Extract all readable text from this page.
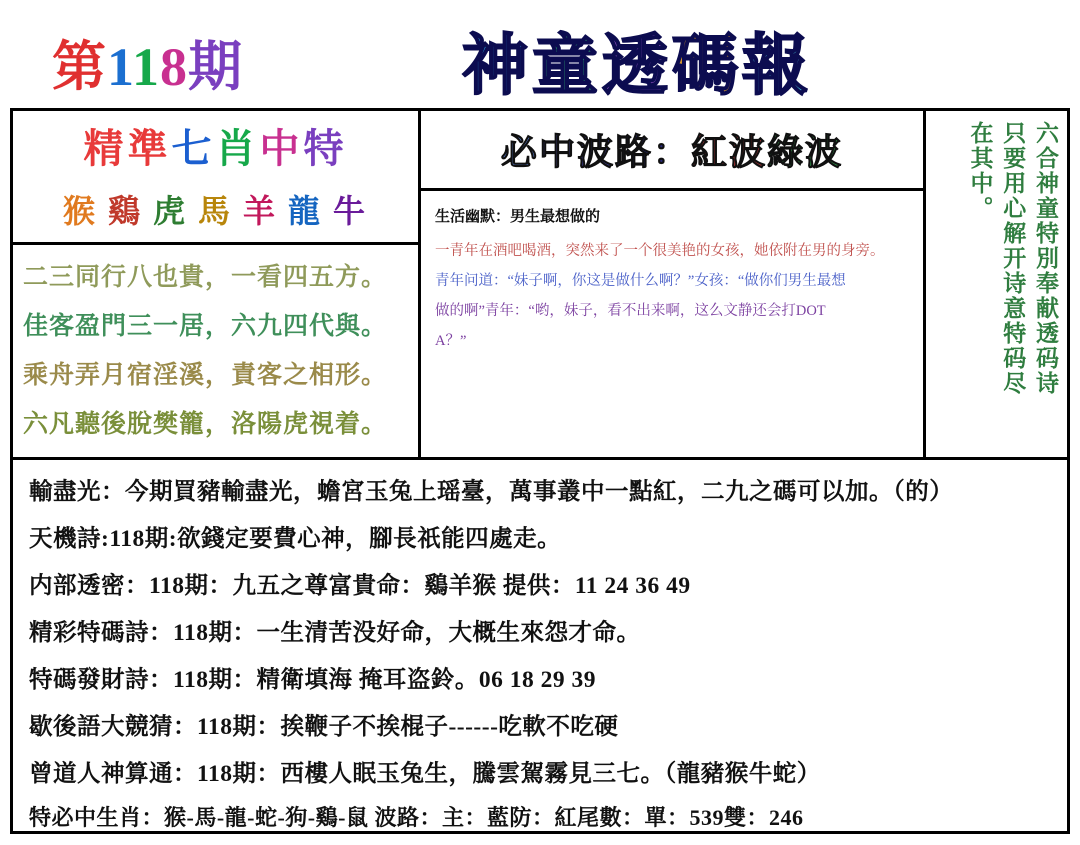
第118期	神童透碼報
精準七肖中特
猴 鷄 虎 馬 羊 龍 牛
二三同行八也貴，一看四五方。
佳客盈門三一居，六九四代與。
乘舟弄月宿淫溪，責客之相形。
六凡聽後脫樊籠，洛陽虎視着。
必中波路：紅波綠波
生活幽默：男生最想做的
一青年在酒吧喝酒，突然来了一个很美艳的女孩，她依附在男的身旁。
青年问道：“妹子啊，你这是做什么啊？”女孩：“做你们男生最想
做的啊”青年：“哟，妹子，看不出来啊，这么文静还会打DOT
A？”	六合神童特別奉献透码诗
只要用心解开诗意特码尽
在其中。
輸盡光：今期買豬輸盡光，蟾宮玉兔上瑶臺，萬事叢中一點紅，二九之碼可以加。（的）
天機詩:118期:欲錢定要費心神，腳長祇能四處走。
内部透密：118期：九五之尊富貴命：鷄羊猴 提供：11 24 36 49
精彩特碼詩：118期：一生清苦没好命，大概生來怨才命。
特碼發財詩：118期：精衛填海 掩耳盗鈴。06 18 29 39
歇後語大競猜：118期：挨鞭子不挨棍子------吃軟不吃硬
曾道人神算通：118期：西樓人眠玉兔生，騰雲駕霧見三七。（龍豬猴牛蛇）
特必中生肖：猴-馬-龍-蛇-狗-鷄-鼠 波路：主：藍防：紅尾數：單：539雙：246
